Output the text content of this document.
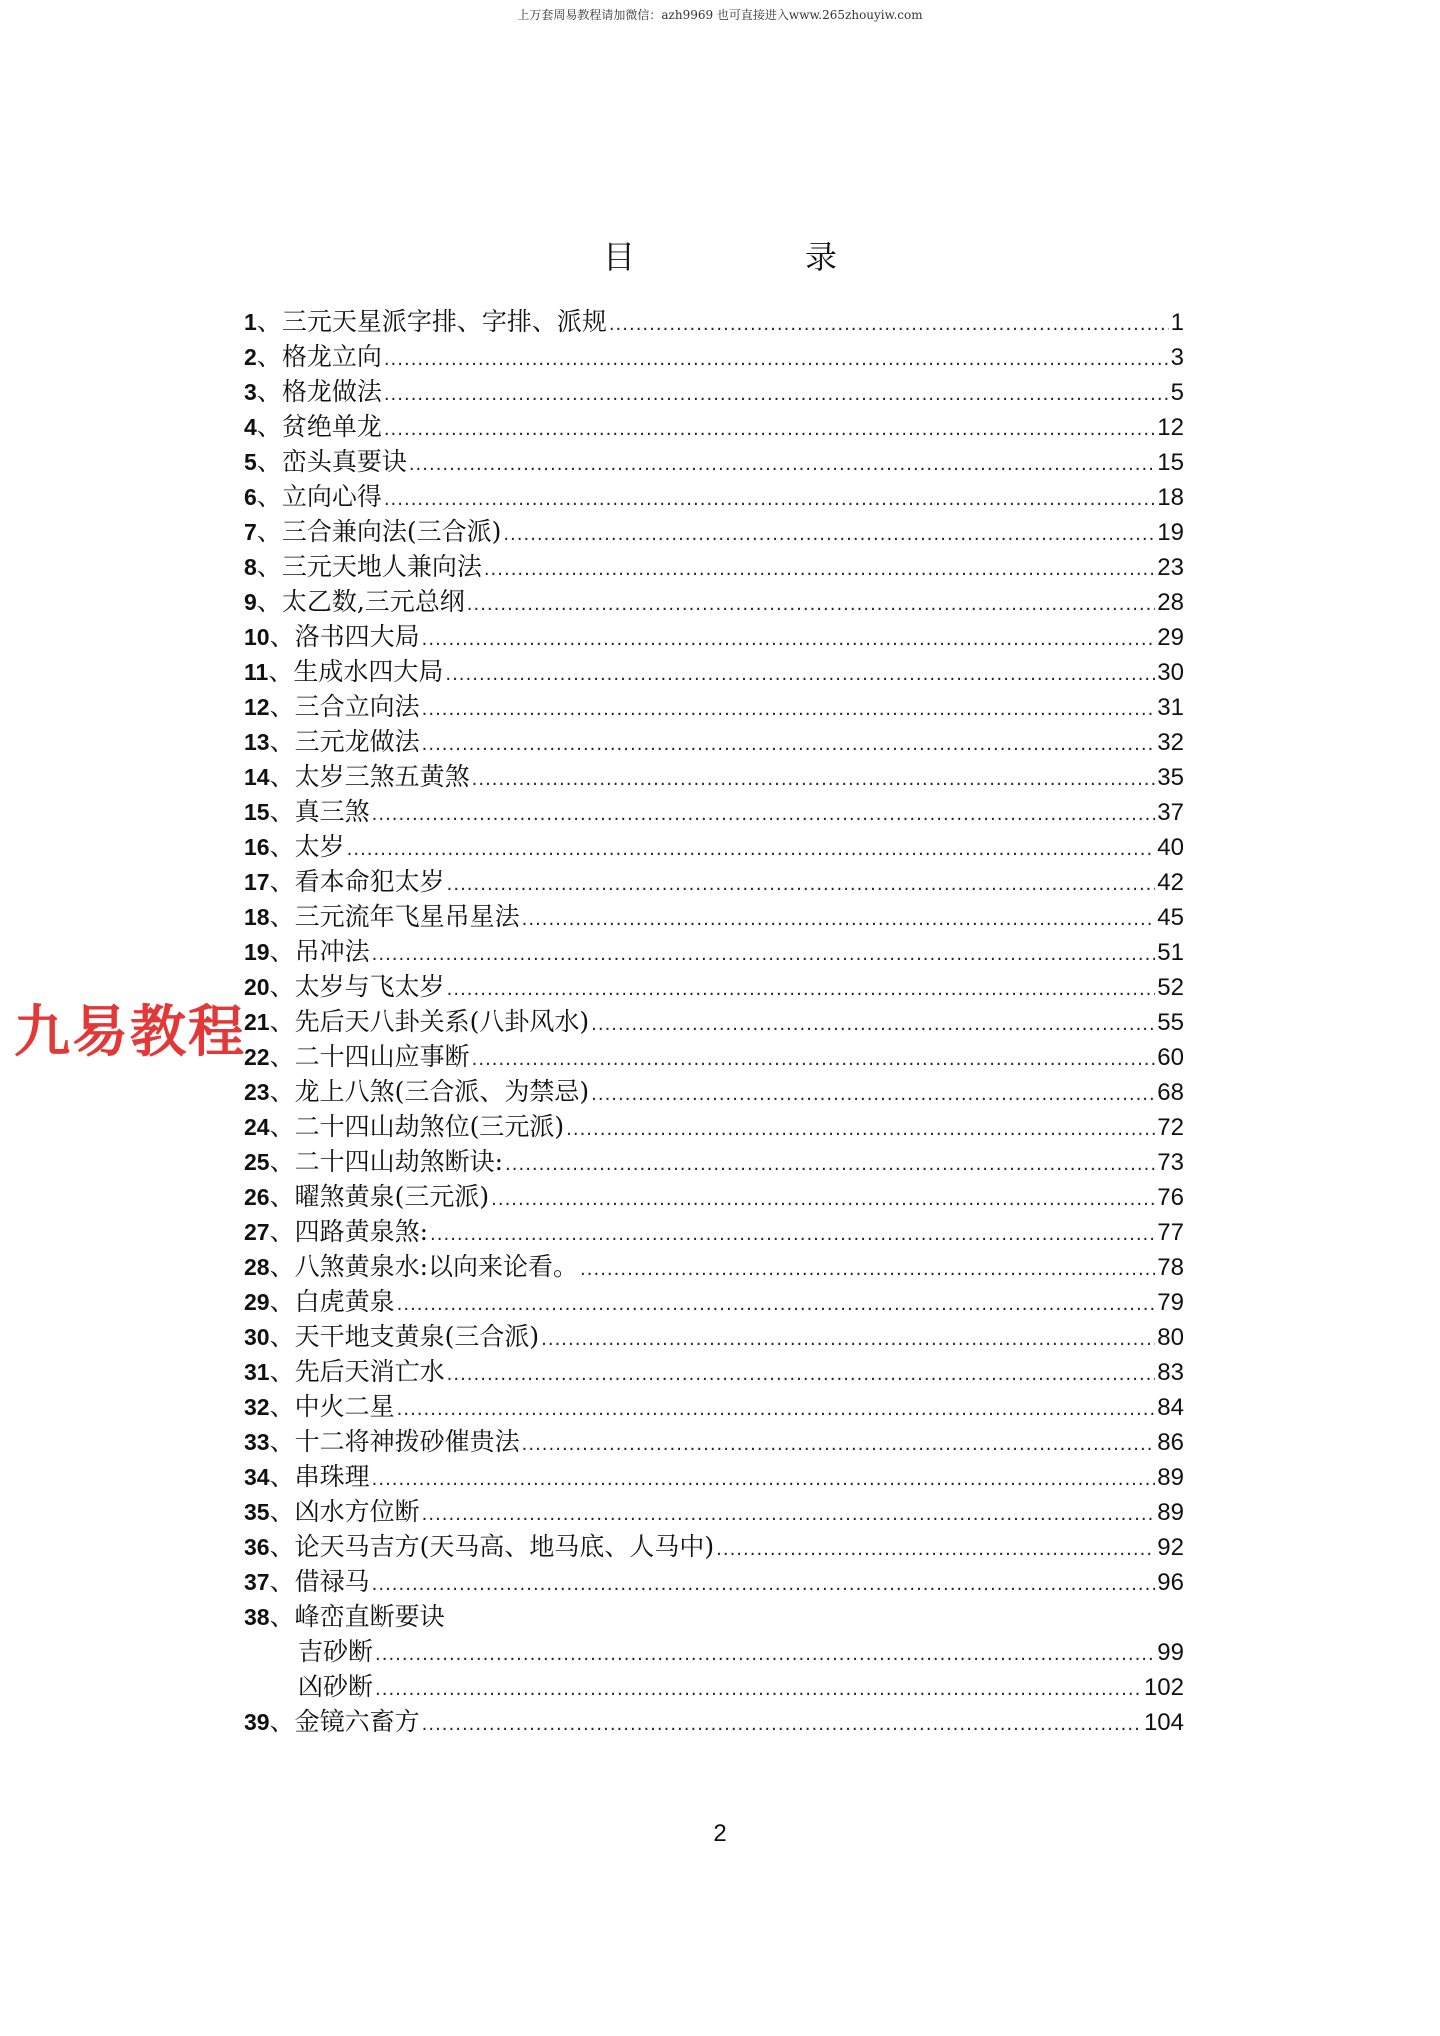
上万套周易教程请加微信：azh9969 也可直接进入www.265zhouyiw.com
目	录
1 、 三元天星派字排、字排、派规 .....	1
2 、 格龙立向 .....	3
3 、 格龙做法 .....	5
4 、 贫绝单龙 .....	12
5 、 峦头真要诀 .....	15
6 、 立向心得 .....	18
7 、 三合兼向法(三合派) .....	19
8 、 三元天地人兼向法 .....	23
9 、 太乙数,三元总纲 .....	28
10 、 洛书四大局 .....	29
11 、 生成水四大局 .....	30
12 、 三合立向法 .....	31
13 、 三元龙做法 .....	32
14 、 太岁三煞五黄煞 .....	35
15 、 真三煞 .....	37
16 、 太岁 .....	40
17 、 看本命犯太岁 .....	42
18 、 三元流年飞星吊星法 .....	45
19 、 吊冲法 .....	51
20 、 太岁与飞太岁 .....	52
21 、 先后天八卦关系(八卦风水) .....	55
22 、 二十四山应事断 .....	60
23 、 龙上八煞(三合派、为禁忌) .....	68
24 、 二十四山劫煞位(三元派) .....	72
25 、 二十四山劫煞断诀: .....	73
26 、 曜煞黄泉(三元派) .....	76
27 、 四路黄泉煞: .....	77
28 、 八煞黄泉水:以向来论看。 .....	78
29 、 白虎黄泉 .....	79
30 、 天干地支黄泉(三合派) .....	80
31 、 先后天消亡水 .....	83
32 、 中火二星 .....	84
33 、 十二将神拨砂催贵法 .....	86
34 、 串珠理 .....	89
35 、 凶水方位断 .....	89
36 、 论天马吉方(天马高、地马底、人马中) .....	92
37 、 借禄马 .....	96
38 、 峰峦直断要诀
吉砂断 .....	99
凶砂断 .....	102
39 、 金镜六畜方 .....	104
九易教程
2
